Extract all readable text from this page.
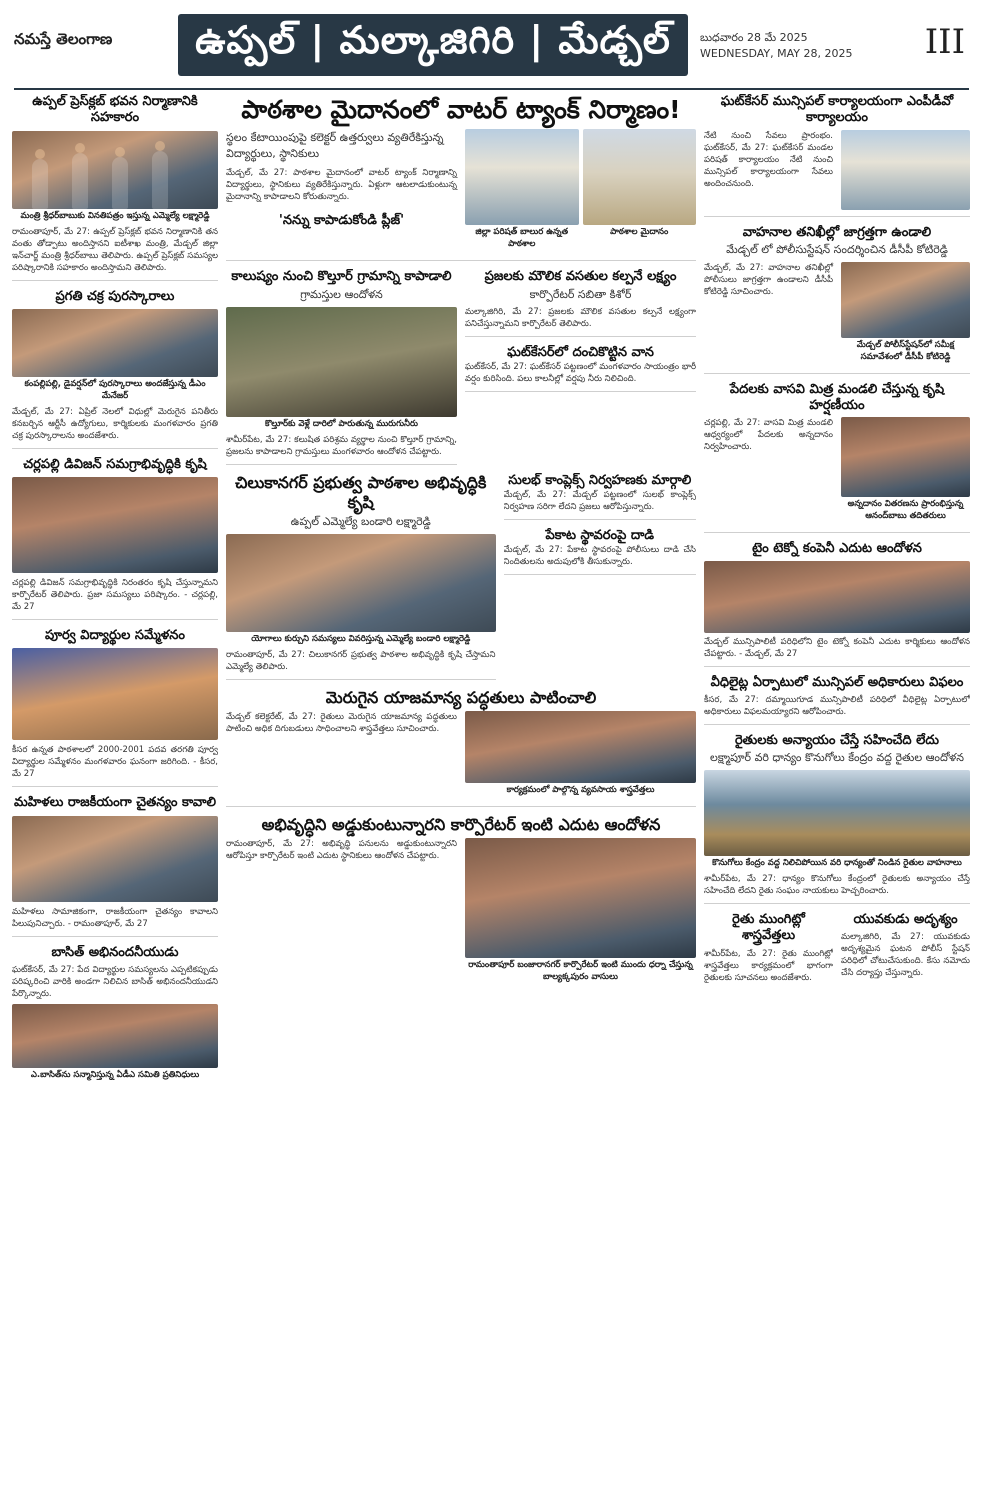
నమస్తే తెలంగాణ	ఉప్పల్ | మల్కాజిగిరి | మేడ్చల్	బుధవారం 28 మే 2025
WEDNESDAY, MAY 28, 2025	III
ఉప్పల్ ప్రెస్‌క్లబ్ భవన నిర్మాణానికి సహకారం
మంత్రి శ్రీధర్‌బాబుకు వినతిపత్రం ఇస్తున్న ఎమ్మెల్యే లక్ష్మారెడ్డి
రామంతాపూర్, మే 27: ఉప్పల్ ప్రెస్‌క్లబ్ భవన నిర్మాణానికి తన వంతు తోడ్పాటు అందిస్తానని ఐటీశాఖ మంత్రి, మేడ్చల్ జిల్లా ఇన్‌చార్జ్ మంత్రి శ్రీధర్‌బాబు తెలిపారు. ఉప్పల్ ప్రెస్‌క్లబ్ సమస్యల పరిష్కారానికి సహకారం అందిస్తామని తెలిపారు.
ప్రగతి చక్ర పురస్కారాలు
కంపల్లిపల్లి, డైవర్షన్‌లో పురస్కారాలు అందజేస్తున్న డీఎం మేనేజర్
మేడ్చల్, మే 27: ఏప్రిల్ నెలలో విధుల్లో మెరుగైన పనితీరు కనబర్చిన ఆర్టీసీ ఉద్యోగులు, కార్మికులకు మంగళవారం ప్రగతి చక్ర పురస్కారాలను అందజేశారు.
చర్లపల్లి డివిజన్ సమగ్రాభివృద్ధికి కృషి
చర్లపల్లి డివిజన్ సమగ్రాభివృద్ధికి నిరంతరం కృషి చేస్తున్నామని కార్పొరేటర్ తెలిపారు. ప్రజా సమస్యలు పరిష్కారం. - చర్లపల్లి, మే 27
పూర్వ విద్యార్థుల సమ్మేళనం
కీసర ఉన్నత పాఠశాలలో 2000-2001 పదవ తరగతి పూర్వ విద్యార్థుల సమ్మేళనం మంగళవారం ఘనంగా జరిగింది. - కీసర, మే 27
మహిళలు రాజకీయంగా చైతన్యం కావాలి
మహిళలు సామాజికంగా, రాజకీయంగా చైతన్యం కావాలని పిలుపునిచ్చారు. - రామంతాపూర్, మే 27
బాసిత్ అభినందనీయుడు
ఘట్‌కేసర్, మే 27: పేద విద్యార్థుల సమస్యలను ఎప్పటికప్పుడు పరిష్కరించి వారికి అండగా నిలిచిన బాసిత్ అభినందనీయుడని పేర్కొన్నారు.
ఎ.బాసిత్‌ను సన్మానిస్తున్న ఏడీఎ సమితి ప్రతినిధులు
పాఠశాల మైదానంలో వాటర్ ట్యాంక్ నిర్మాణం!
స్థలం కేటాయింపుపై కలెక్టర్ ఉత్తర్వులు వ్యతిరేకిస్తున్న విద్యార్థులు, స్థానికులు
మేడ్చల్, మే 27: పాఠశాల మైదానంలో వాటర్ ట్యాంక్ నిర్మాణాన్ని విద్యార్థులు, స్థానికులు వ్యతిరేకిస్తున్నారు. ఏళ్లుగా ఆటలాడుకుంటున్న మైదానాన్ని కాపాడాలని కోరుతున్నారు.
'నన్ను కాపాడుకోండి ప్లీజ్'
జిల్లా పరిషత్ బాలుర ఉన్నత పాఠశాల
పాఠశాల మైదానం
కాలుష్యం నుంచి కొల్తూర్ గ్రామాన్ని కాపాడాలి
గ్రామస్తుల ఆందోళన
కొల్తూర్‌కు వెళ్లే దారిలో పారుతున్న మురుగునీరు
శామీర్‌పేట, మే 27: కలుషిత పరిశ్రమ వ్యర్థాల నుంచి కొల్తూర్ గ్రామాన్ని, ప్రజలను కాపాడాలని గ్రామస్తులు మంగళవారం ఆందోళన చేపట్టారు.
ప్రజలకు మౌలిక వసతుల కల్పనే లక్ష్యం
కార్పొరేటర్ సబితా కిశోర్
మల్కాజిగిరి, మే 27: ప్రజలకు మౌలిక వసతుల కల్పనే లక్ష్యంగా పనిచేస్తున్నామని కార్పొరేటర్ తెలిపారు.
ఘట్‌కేసర్‌లో దంచికొట్టిన వాన
ఘట్‌కేసర్, మే 27: ఘట్‌కేసర్ పట్టణంలో మంగళవారం సాయంత్రం భారీ వర్షం కురిసింది. పలు కాలనీల్లో వర్షపు నీరు నిలిచింది.
చిలుకానగర్ ప్రభుత్వ పాఠశాల అభివృద్ధికి కృషి
ఉప్పల్ ఎమ్మెల్యే బండారి లక్ష్మారెడ్డి
యోగాలు కుర్చుని సమస్యలు వివరిస్తున్న ఎమ్మెల్యే బండారి లక్ష్మారెడ్డి
రామంతాపూర్, మే 27: చిలుకానగర్ ప్రభుత్వ పాఠశాల అభివృద్ధికి కృషి చేస్తామని ఎమ్మెల్యే తెలిపారు.
సులభ్ కాంప్లెక్స్ నిర్వహణకు మార్గాలి
మేడ్చల్, మే 27: మేడ్చల్ పట్టణంలో సులభ్ కాంప్లెక్స్ నిర్వహణ సరిగా లేదని ప్రజలు ఆరోపిస్తున్నారు.
పేకాట స్థావరంపై దాడి
మేడ్చల్, మే 27: పేకాట స్థావరంపై పోలీసులు దాడి చేసి నిందితులను అదుపులోకి తీసుకున్నారు.
మెరుగైన యాజమాన్య పద్ధతులు పాటించాలి
మేడ్చల్ కలెక్టరేట్, మే 27: రైతులు మెరుగైన యాజమాన్య పద్ధతులు పాటించి అధిక దిగుబడులు సాధించాలని శాస్త్రవేత్తలు సూచించారు.
కార్యక్రమంలో పాల్గొన్న వ్యవసాయ శాస్త్రవేత్తలు
అభివృద్ధిని అడ్డుకుంటున్నారని కార్పొరేటర్ ఇంటి ఎదుట ఆందోళన
రామంతాపూర్, మే 27: అభివృద్ధి పనులను అడ్డుకుంటున్నారని ఆరోపిస్తూ కార్పొరేటర్ ఇంటి ఎదుట స్థానికులు ఆందోళన చేపట్టారు.
రామంతాపూర్ బంజారానగర్ కార్పొరేటర్ ఇంటి ముందు ధర్నా చేస్తున్న బాల్యక్కపురం వాసులు
ఘట్‌కేసర్ మున్సిపల్ కార్యాలయంగా ఎంపీడీవో కార్యాలయం
నేటి నుంచి సేవలు ప్రారంభం. ఘట్‌కేసర్, మే 27: ఘట్‌కేసర్ మండల పరిషత్ కార్యాలయం నేటి నుంచి మున్సిపల్ కార్యాలయంగా సేవలు అందించనుంది.
వాహనాల తనిఖీల్లో జాగ్రత్తగా ఉండాలి
మేడ్చల్ లో పోలీసుస్టేషన్ సందర్శించిన డీసీపీ కోటిరెడ్డి
మేడ్చల్, మే 27: వాహనాల తనిఖీల్లో పోలీసులు జాగ్రత్తగా ఉండాలని డీసీపీ కోటిరెడ్డి సూచించారు.
మేడ్చల్ పోలీస్‌స్టేషన్‌లో సమీక్ష సమావేశంలో డీసీపీ కోటిరెడ్డి
పేదలకు వాసవి మిత్ర మండలి చేస్తున్న కృషి హర్షణీయం
చర్లపల్లి, మే 27: వాసవి మిత్ర మండలి ఆధ్వర్యంలో పేదలకు అన్నదానం నిర్వహించారు.
అన్నదానం వితరణను ప్రారంభిస్తున్న ఆనంద్‌బాబు తదితరులు
టైం టెక్నో కంపెనీ ఎదుట ఆందోళన
మేడ్చల్ మున్సిపాలిటీ పరిధిలోని టైం టెక్నో కంపెనీ ఎదుట కార్మికులు ఆందోళన చేపట్టారు. - మేడ్చల్, మే 27
వీధిలైట్ల ఏర్పాటులో మున్సిపల్ అధికారులు విఫలం
కీసర, మే 27: దమ్మాయిగూడ మున్సిపాలిటీ పరిధిలో వీధిలైట్ల ఏర్పాటులో అధికారులు విఫలమయ్యారని ఆరోపించారు.
రైతులకు అన్యాయం చేస్తే సహించేది లేదు
లక్ష్మాపూర్ వరి ధాన్యం కొనుగోలు కేంద్రం వద్ద రైతుల ఆందోళన
కొనుగోలు కేంద్రం వద్ద నిలిచిపోయిన వరి ధాన్యంతో నిండిన రైతుల వాహనాలు
శామీర్‌పేట, మే 27: ధాన్యం కొనుగోలు కేంద్రంలో రైతులకు అన్యాయం చేస్తే సహించేది లేదని రైతు సంఘం నాయకులు హెచ్చరించారు.
రైతు ముంగిట్లో శాస్త్రవేత్తలు
శామీర్‌పేట, మే 27: రైతు ముంగిట్లో శాస్త్రవేత్తలు కార్యక్రమంలో భాగంగా రైతులకు సూచనలు అందజేశారు.
యువకుడు అదృశ్యం
మల్కాజిగిరి, మే 27: యువకుడు అదృశ్యమైన ఘటన పోలీస్ స్టేషన్ పరిధిలో చోటుచేసుకుంది. కేసు నమోదు చేసి దర్యాప్తు చేస్తున్నారు.
